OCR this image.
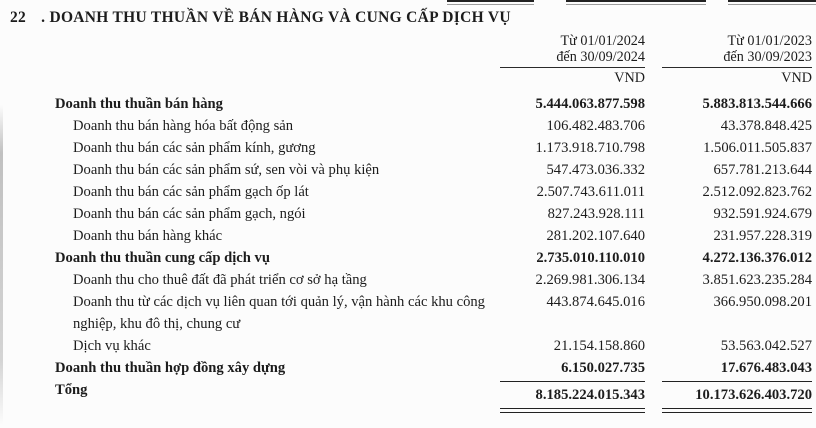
22 . DOANH THU THUẦN VỀ BÁN HÀNG VÀ CUNG CẤP DỊCH VỤ
Từ 01/01/2024
đến 30/09/2024
VND
Từ 01/01/2023
đến 30/09/2023
VND
Doanh thu thuần bán hàng	5.444.063.877.598	5.883.813.544.666
Doanh thu bán hàng hóa bất động sản	106.482.483.706	43.378.848.425
Doanh thu bán các sản phẩm kính, gương	1.173.918.710.798	1.506.011.505.837
Doanh thu bán các sản phẩm sứ, sen vòi và phụ kiện	547.473.036.332	657.781.213.644
Doanh thu bán các sản phẩm gạch ốp lát	2.507.743.611.011	2.512.092.823.762
Doanh thu bán các sản phẩm gạch, ngói	827.243.928.111	932.591.924.679
Doanh thu bán hàng khác	281.202.107.640	231.957.228.319
Doanh thu thuần cung cấp dịch vụ	2.735.010.110.010	4.272.136.376.012
Doanh thu cho thuê đất đã phát triển cơ sở hạ tầng	2.269.981.306.134	3.851.623.235.284
Doanh thu từ các dịch vụ liên quan tới quản lý, vận hành các khu công nghiệp, khu đô thị, chung cư
443.874.645.016	366.950.098.201
Dịch vụ khác	21.154.158.860	53.563.042.527
Doanh thu thuần hợp đồng xây dựng	6.150.027.735	17.676.483.043
Tổng	8.185.224.015.343	10.173.626.403.720
